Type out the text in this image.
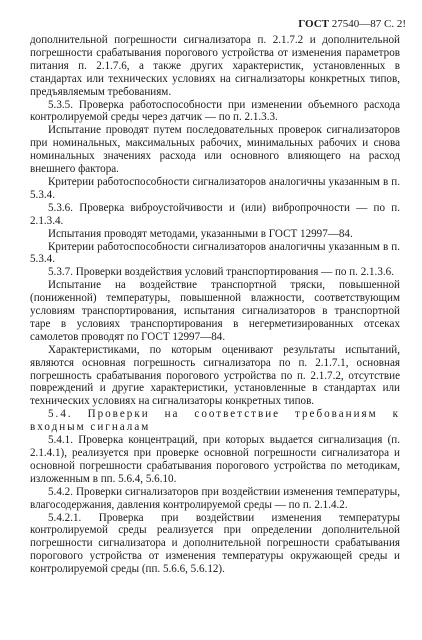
ГОСТ 27540—87 С. 2!

дополнительной погрешности сигнализатора п. 2.1.7.2 и дополнительной погрешности срабатывания порогового устройства от изменения параметров питания п. 2.1.7.6, а также других характеристик, установленных в стандартах или технических условиях на сигнализаторы конкретных типов, предъявляемым требованиям.

5.3.5. Проверка работоспособности при изменении объемного расхода контролируемой среды через датчик — по п. 2.1.3.3.

Испытание проводят путем последовательных проверок сигнализаторов при номинальных, максимальных рабочих, минимальных рабочих и снова номинальных значениях расхода или основного влияющего на расход внешнего фактора.

Критерии работоспособности сигнализаторов аналогичны указанным в п. 5.3.4.

5.3.6. Проверка виброустойчивости и (или) вибропрочности — по п. 2.1.3.4.

Испытания проводят методами, указанными в ГОСТ 12997—84.

Критерии работоспособности сигнализаторов аналогичны указанным в п. 5.3.4.

5.3.7. Проверки воздействия условий транспортирования — по п. 2.1.3.6.

Испытание на воздействие транспортной тряски, повышенной (пониженной) температуры, повышенной влажности, соответствующим условиям транспортирования, испытания сигнализаторов в транспортной таре в условиях транспортирования в негерметизированных отсеках самолетов проводят по ГОСТ 12997—84.

Характеристиками, по которым оценивают результаты испытаний, являются основная погрешность сигнализатора по п. 2.1.7.1, основная погрешность срабатывания порогового устройства по п. 2.1.7.2, отсутствие повреждений и другие характеристики, установленные в стандартах или технических условиях на сигнализаторы конкретных типов.

5.4. Проверки на соответствие требованиям к входным сигналам

5.4.1. Проверка концентраций, при которых выдается сигнализация (п. 2.1.4.1), реализуется при проверке основной погрешности сигнализатора и основной погрешности срабатывания порогового устройства по методикам, изложенным в пп. 5.6.4, 5.6.10.

5.4.2. Проверки сигнализаторов при воздействии изменения температуры, влагосодержания, давления контролируемой среды — по п. 2.1.4.2.

5.4.2.1. Проверка при воздействии изменения температуры контролируемой среды реализуется при определении дополнительной погрешности сигнализатора и дополнительной погрешности срабатывания порогового устройства от изменения температуры окружающей среды и контролируемой среды (пп. 5.6.6, 5.6.12).
